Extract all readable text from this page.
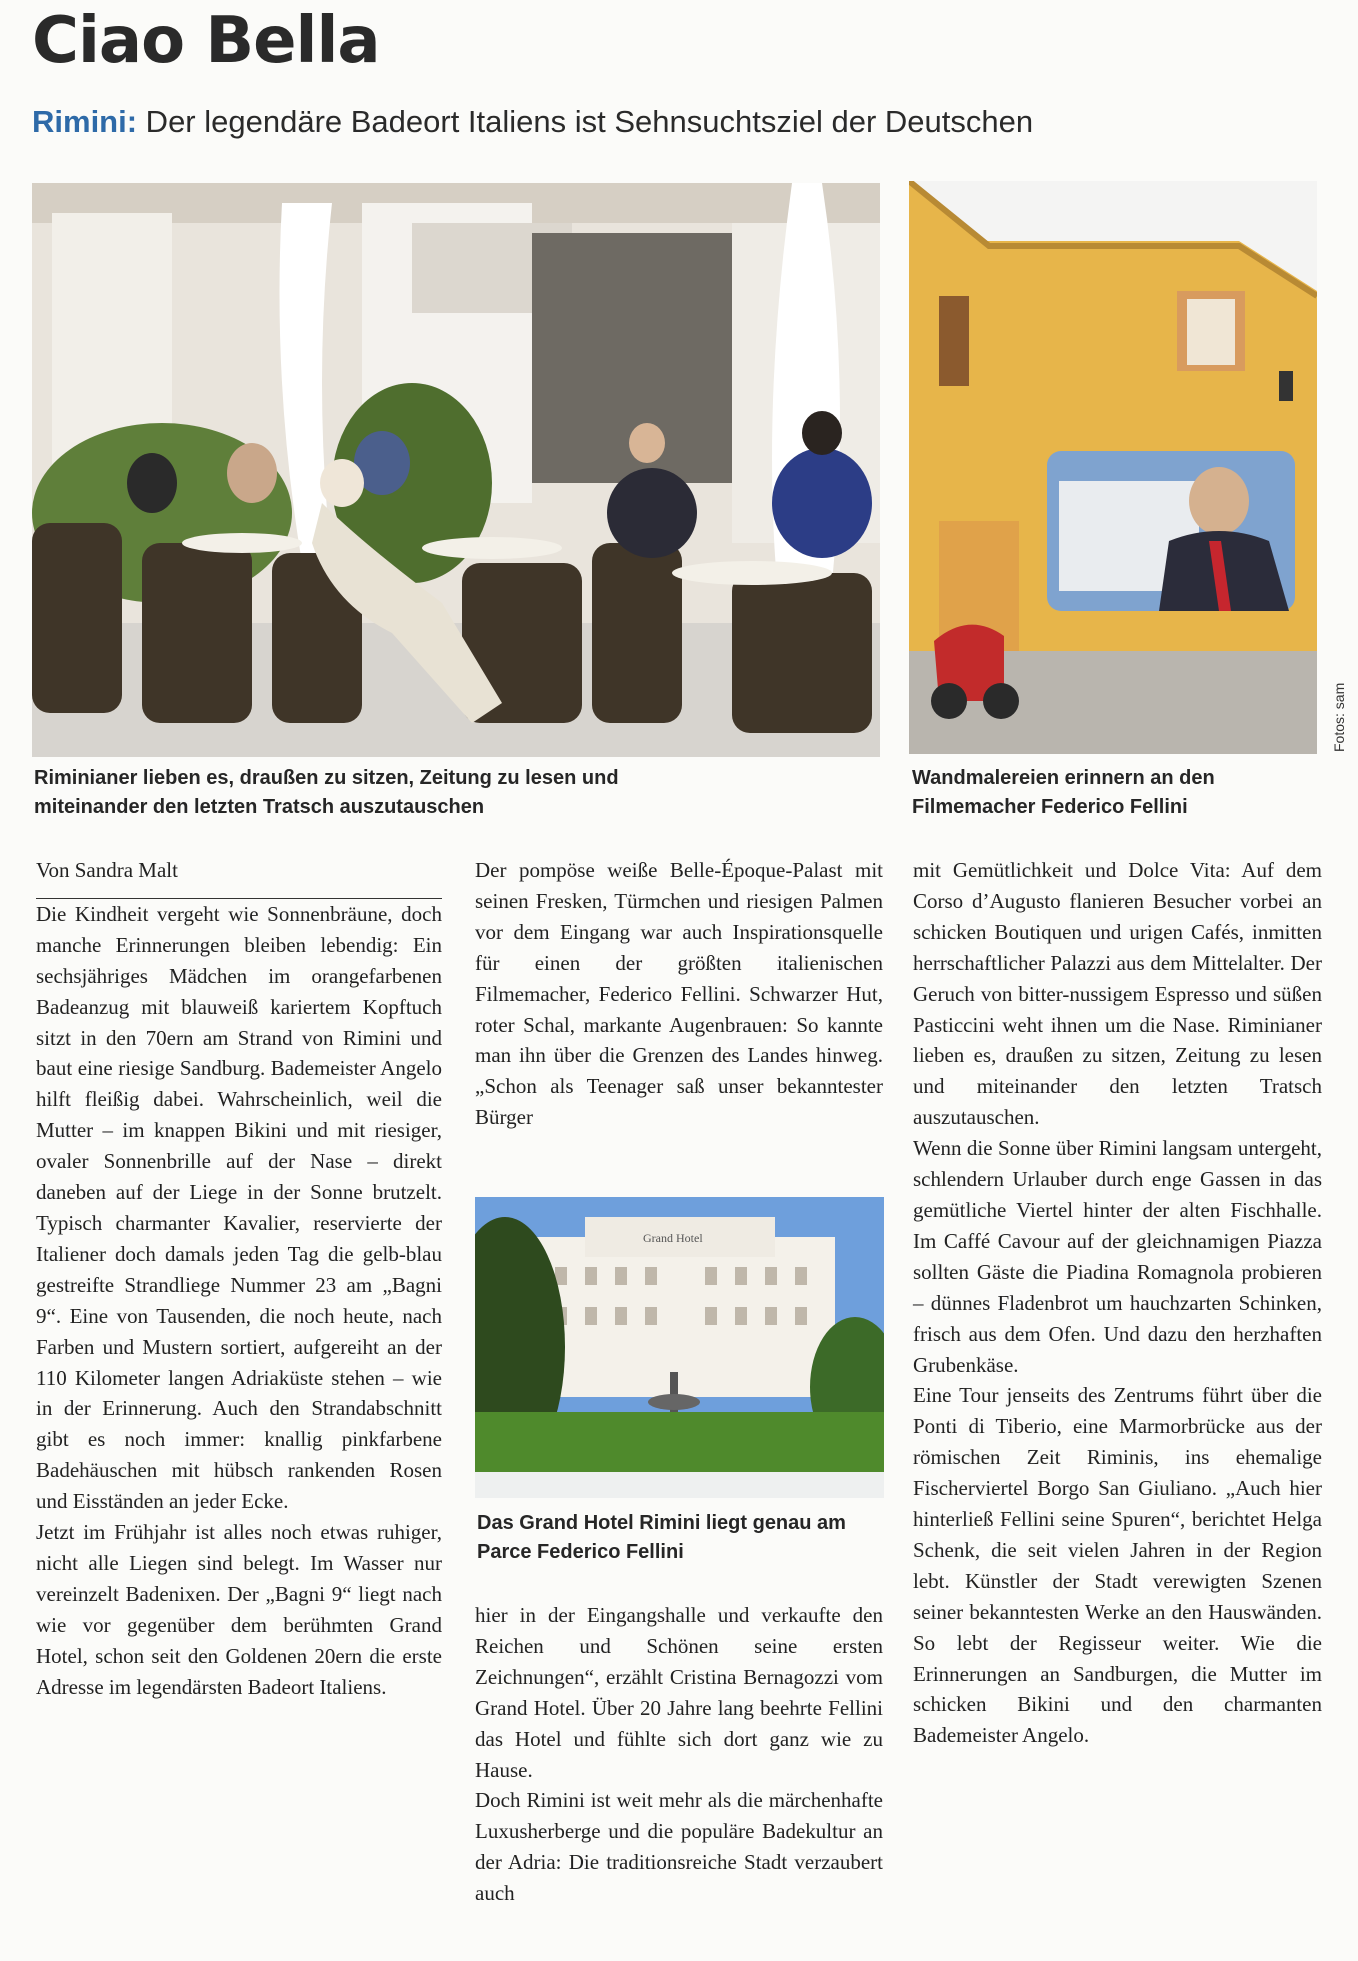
Ciao Bella

Rimini: Der legendäre Badeort Italiens ist Sehnsuchtsziel der Deutschen

Fotos: sam

Riminianer lieben es, draußen zu sitzen, Zeitung zu lesen und miteinander den letzten Tratsch auszutauschen

Wandmalereien erinnern an den Filmemacher Federico Fellini

Von Sandra Malt

Die Kindheit vergeht wie Sonnenbräune, doch manche Erinnerungen bleiben lebendig: Ein sechsjähriges Mädchen im orangefarbenen Badeanzug mit blauweiß kariertem Kopftuch sitzt in den 70ern am Strand von Rimini und baut eine riesige Sandburg. Bademeister Angelo hilft fleißig dabei. Wahrscheinlich, weil die Mutter – im knappen Bikini und mit riesiger, ovaler Sonnenbrille auf der Nase – direkt daneben auf der Liege in der Sonne brutzelt. Typisch charmanter Kavalier, reservierte der Italiener doch damals jeden Tag die gelb-blau gestreifte Strandliege Nummer 23 am „Bagni 9“. Eine von Tausenden, die noch heute, nach Farben und Mustern sortiert, aufgereiht an der 110 Kilometer langen Adriaküste stehen – wie in der Erinnerung. Auch den Strandabschnitt gibt es noch immer: knallig pinkfarbene Badehäuschen mit hübsch rankenden Rosen und Eisständen an jeder Ecke.

Jetzt im Frühjahr ist alles noch etwas ruhiger, nicht alle Liegen sind belegt. Im Wasser nur vereinzelt Badenixen. Der „Bagni 9“ liegt nach wie vor gegenüber dem berühmten Grand Hotel, schon seit den Goldenen 20ern die erste Adresse im legendärsten Badeort Italiens.

Der pompöse weiße Belle-Époque-Palast mit seinen Fresken, Türmchen und riesigen Palmen vor dem Eingang war auch Inspirationsquelle für einen der größten italienischen Filmemacher, Federico Fellini. Schwarzer Hut, roter Schal, markante Augenbrauen: So kannte man ihn über die Grenzen des Landes hinweg. „Schon als Teenager saß unser bekanntester Bürger

Grand Hotel

Das Grand Hotel Rimini liegt genau am Parce Federico Fellini

hier in der Eingangshalle und verkaufte den Reichen und Schönen seine ersten Zeichnungen“, erzählt Cristina Bernagozzi vom Grand Hotel. Über 20 Jahre lang beehrte Fellini das Hotel und fühlte sich dort ganz wie zu Hause.

Doch Rimini ist weit mehr als die märchenhafte Luxusherberge und die populäre Badekultur an der Adria: Die traditionsreiche Stadt verzaubert auch

mit Gemütlichkeit und Dolce Vita: Auf dem Corso d’Augusto flanieren Besucher vorbei an schicken Boutiquen und urigen Cafés, inmitten herrschaftlicher Palazzi aus dem Mittelalter. Der Geruch von bitter-nussigem Espresso und süßen Pasticcini weht ihnen um die Nase. Riminianer lieben es, draußen zu sitzen, Zeitung zu lesen und miteinander den letzten Tratsch auszutauschen.

Wenn die Sonne über Rimini langsam untergeht, schlendern Urlauber durch enge Gassen in das gemütliche Viertel hinter der alten Fischhalle. Im Caffé Cavour auf der gleichnamigen Piazza sollten Gäste die Piadina Romagnola probieren – dünnes Fladenbrot um hauchzarten Schinken, frisch aus dem Ofen. Und dazu den herzhaften Grubenkäse.

Eine Tour jenseits des Zentrums führt über die Ponti di Tiberio, eine Marmorbrücke aus der römischen Zeit Riminis, ins ehemalige Fischerviertel Borgo San Giuliano. „Auch hier hinterließ Fellini seine Spuren“, berichtet Helga Schenk, die seit vielen Jahren in der Region lebt. Künstler der Stadt verewigten Szenen seiner bekanntesten Werke an den Hauswänden. So lebt der Regisseur weiter. Wie die Erinnerungen an Sandburgen, die Mutter im schicken Bikini und den charmanten Bademeister Angelo.
